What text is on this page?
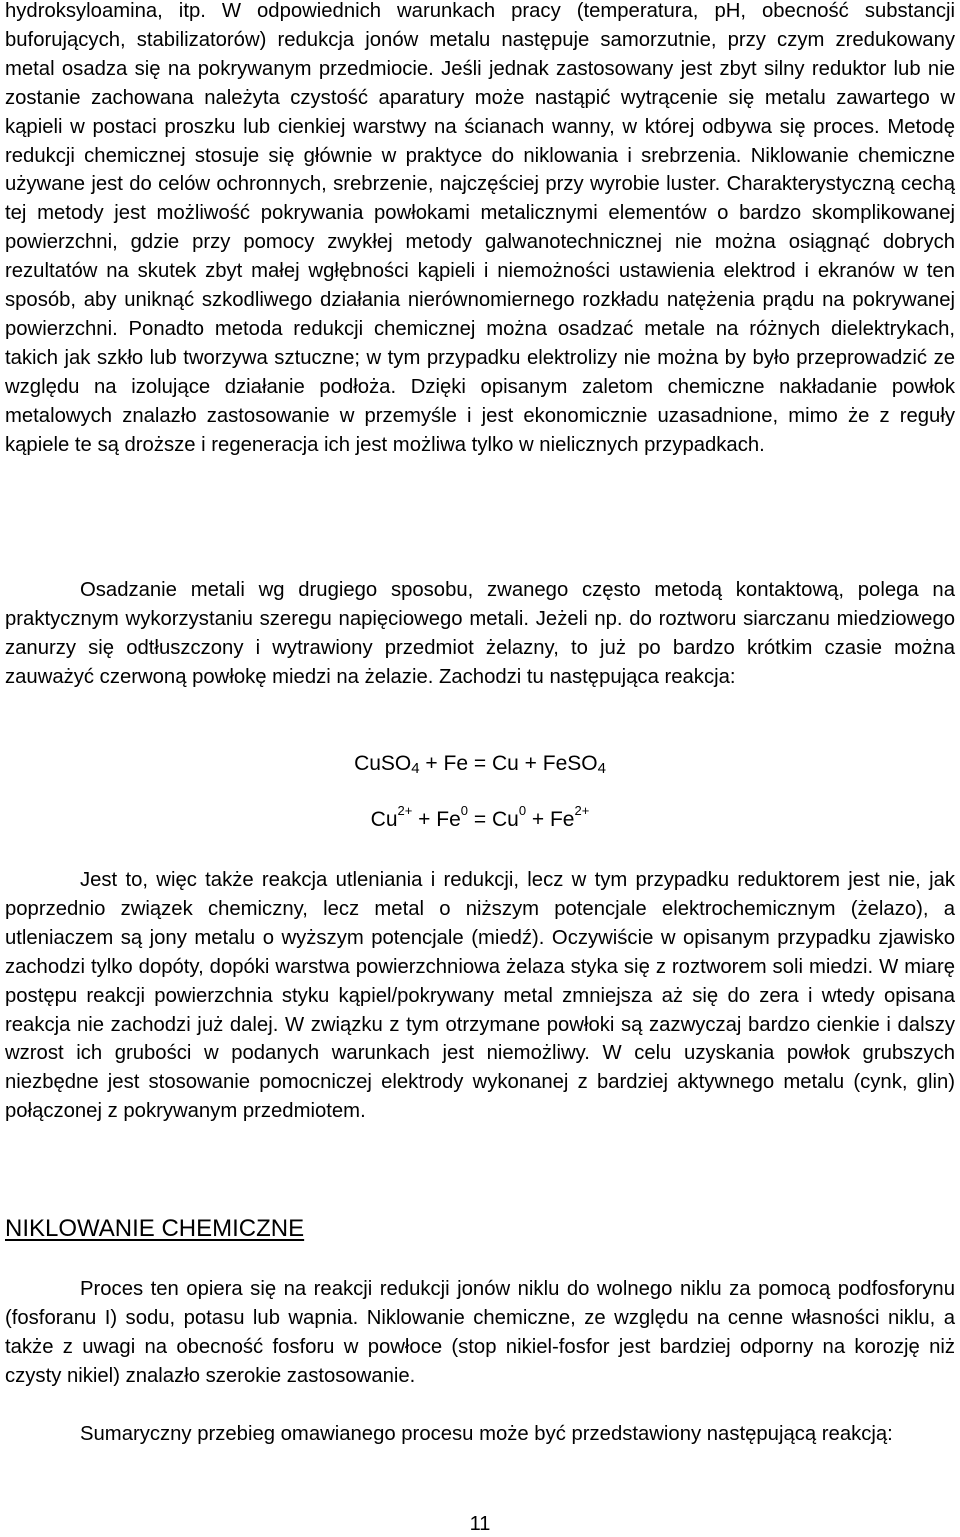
hydroksyloamina, itp. W odpowiednich warunkach pracy (temperatura, pH, obecność substancji buforujących, stabilizatorów) redukcja jonów metalu następuje samorzutnie, przy czym zredukowany metal osadza się na pokrywanym przedmiocie. Jeśli jednak zastosowany jest zbyt silny reduktor lub nie zostanie zachowana należyta czystość aparatury może nastąpić wytrącenie się metalu zawartego w kąpieli w postaci proszku lub cienkiej warstwy na ścianach wanny, w której odbywa się proces. Metodę redukcji chemicznej stosuje się głównie w praktyce do niklowania i srebrzenia. Niklowanie chemiczne używane jest do celów ochronnych, srebrzenie, najczęściej przy wyrobie luster. Charakterystyczną cechą tej metody jest możliwość pokrywania powłokami metalicznymi elementów o bardzo skomplikowanej powierzchni, gdzie przy pomocy zwykłej metody galwanotechnicznej nie można osiągnąć dobrych rezultatów na skutek zbyt małej wgłębności kąpieli i niemożności ustawienia elektrod i ekranów w ten sposób, aby uniknąć szkodliwego działania nierównomiernego rozkładu natężenia prądu na pokrywanej powierzchni. Ponadto metoda redukcji chemicznej można osadzać metale na różnych dielektrykach, takich jak szkło lub tworzywa sztuczne; w tym przypadku elektrolizy nie można by było przeprowadzić ze względu na izolujące działanie podłoża. Dzięki opisanym zaletom chemiczne nakładanie powłok metalowych znalazło zastosowanie w przemyśle i jest ekonomicznie uzasadnione, mimo że z reguły kąpiele te są droższe i regeneracja ich jest możliwa tylko w nielicznych przypadkach.

Osadzanie metali wg drugiego sposobu, zwanego często metodą kontaktową, polega na praktycznym wykorzystaniu szeregu napięciowego metali. Jeżeli np. do roztworu siarczanu miedziowego zanurzy się odtłuszczony i wytrawiony przedmiot żelazny, to już po bardzo krótkim czasie można zauważyć czerwoną powłokę miedzi na żelazie. Zachodzi tu następująca reakcja:

CuSO$_4$ + Fe = Cu + FeSO$_4$

$Cu^{2+} + Fe^0 = Cu^0 + Fe^{2+}$

Jest to, więc także reakcja utleniania i redukcji, lecz w tym przypadku reduktorem jest nie, jak poprzednio związek chemiczny, lecz metal o niższym potencjale elektrochemicznym (żelazo), a utleniaczem są jony metalu o wyższym potencjale (miedź). Oczywiście w opisanym przypadku zjawisko zachodzi tylko dopóty, dopóki warstwa powierzchniowa żelaza styka się z roztworem soli miedzi. W miarę postępu reakcji powierzchnia styku kąpiel/pokrywany metal zmniejsza aż się do zera i wtedy opisana reakcja nie zachodzi już dalej. W związku z tym otrzymane powłoki są zazwyczaj bardzo cienkie i dalszy wzrost ich grubości w podanych warunkach jest niemożliwy. W celu uzyskania powłok grubszych niezbędne jest stosowanie pomocniczej elektrody wykonanej z bardziej aktywnego metalu (cynk, glin) połączonej z pokrywanym przedmiotem.

NIKLOWANIE CHEMICZNE

Proces ten opiera się na reakcji redukcji jonów niklu do wolnego niklu za pomocą podfosforynu (fosforanu I) sodu, potasu lub wapnia. Niklowanie chemiczne, ze względu na cenne własności niklu, a także z uwagi na obecność fosforu w powłoce (stop nikiel-fosfor jest bardziej odporny na korozję niż czysty nikiel) znalazło szerokie zastosowanie.

Sumaryczny przebieg omawianego procesu może być przedstawiony następującą reakcją:

11
